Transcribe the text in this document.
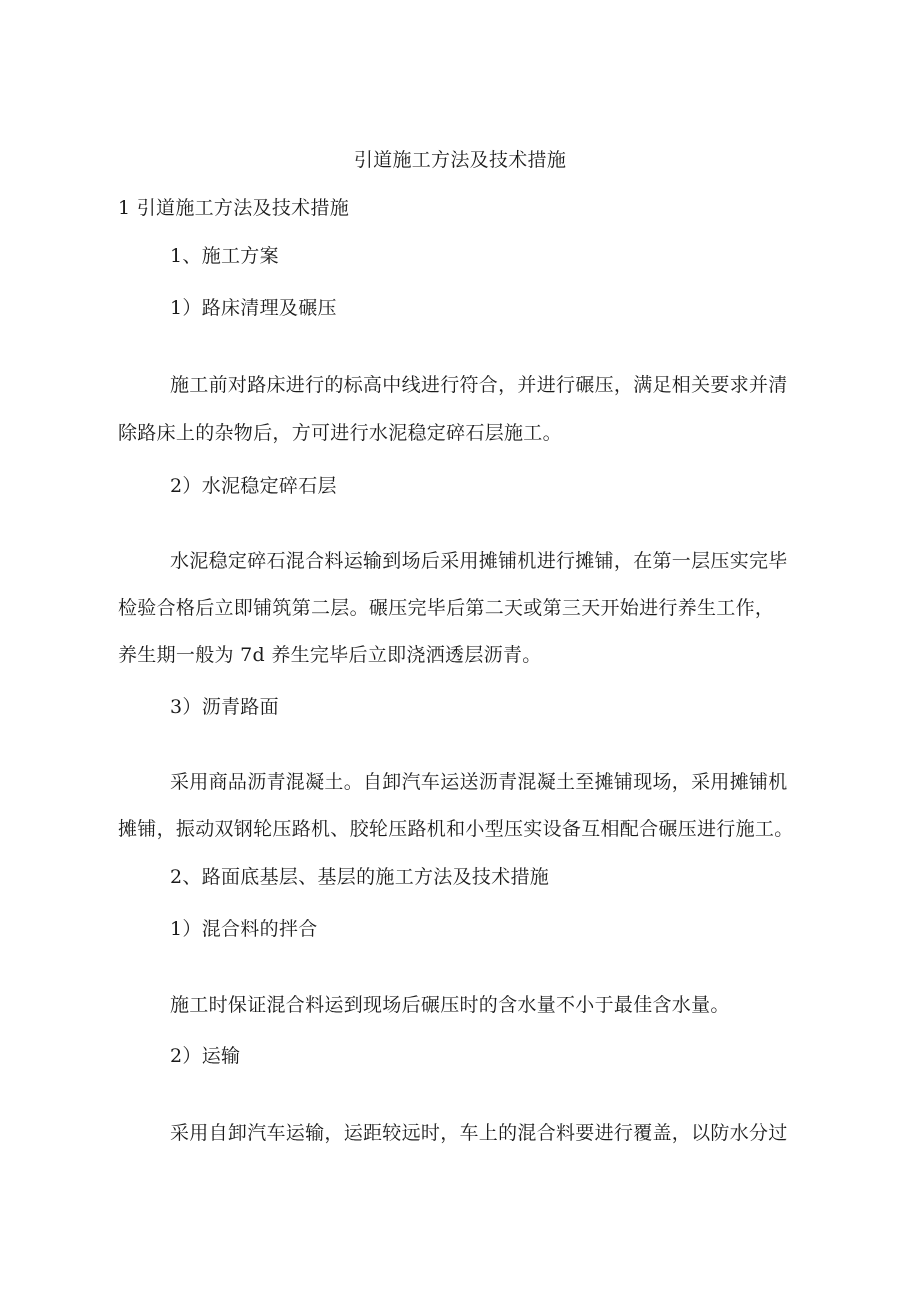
引道施工方法及技术措施
1 引道施工方法及技术措施
1、施工方案
1）路床清理及碾压
施工前对路床进行的标高中线进行符合，并进行碾压，满足相关要求并清
除路床上的杂物后，方可进行水泥稳定碎石层施工。
2）水泥稳定碎石层
水泥稳定碎石混合料运输到场后采用摊铺机进行摊铺，在第一层压实完毕
检验合格后立即铺筑第二层。碾压完毕后第二天或第三天开始进行养生工作，
养生期一般为 7d 养生完毕后立即浇洒透层沥青。
3）沥青路面
采用商品沥青混凝土。自卸汽车运送沥青混凝土至摊铺现场，采用摊铺机
摊铺，振动双钢轮压路机、胶轮压路机和小型压实设备互相配合碾压进行施工。
2、路面底基层、基层的施工方法及技术措施
1）混合料的拌合
施工时保证混合料运到现场后碾压时的含水量不小于最佳含水量。
2）运输
采用自卸汽车运输，运距较远时，车上的混合料要进行覆盖，以防水分过
